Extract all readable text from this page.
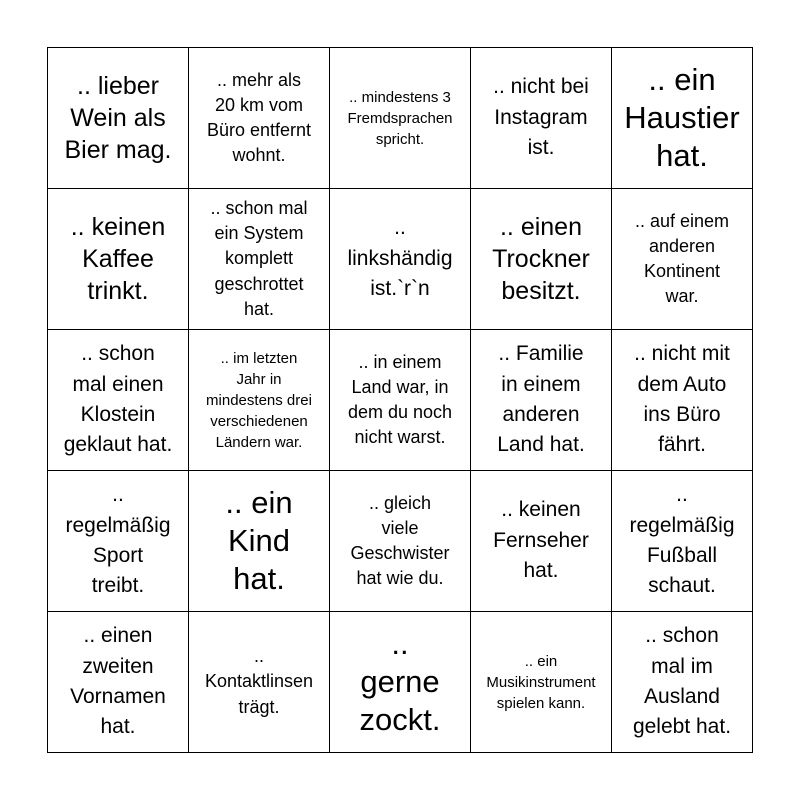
.. lieber
Wein als
Bier mag.
.. mehr als
20 km vom
Büro entfernt
wohnt.
.. mindestens 3
Fremdsprachen
spricht.
.. nicht bei
Instagram
ist.
.. ein
Haustier
hat.
.. keinen
Kaffee
trinkt.
.. schon mal
ein System
komplett
geschrottet
hat.
..
linkshändig
ist.`r`n
.. einen
Trockner
besitzt.
.. auf einem
anderen
Kontinent
war.
.. schon
mal einen
Klostein
geklaut hat.
.. im letzten
Jahr in
mindestens drei
verschiedenen
Ländern war.
.. in einem
Land war, in
dem du noch
nicht warst.
.. Familie
in einem
anderen
Land hat.
.. nicht mit
dem Auto
ins Büro
fährt.
..
regelmäßig
Sport
treibt.
.. ein
Kind
hat.
.. gleich
viele
Geschwister
hat wie du.
.. keinen
Fernseher
hat.
..
regelmäßig
Fußball
schaut.
.. einen
zweiten
Vornamen
hat.
..
Kontaktlinsen
trägt.
..
gerne
zockt.
.. ein
Musikinstrument
spielen kann.
.. schon
mal im
Ausland
gelebt hat.
